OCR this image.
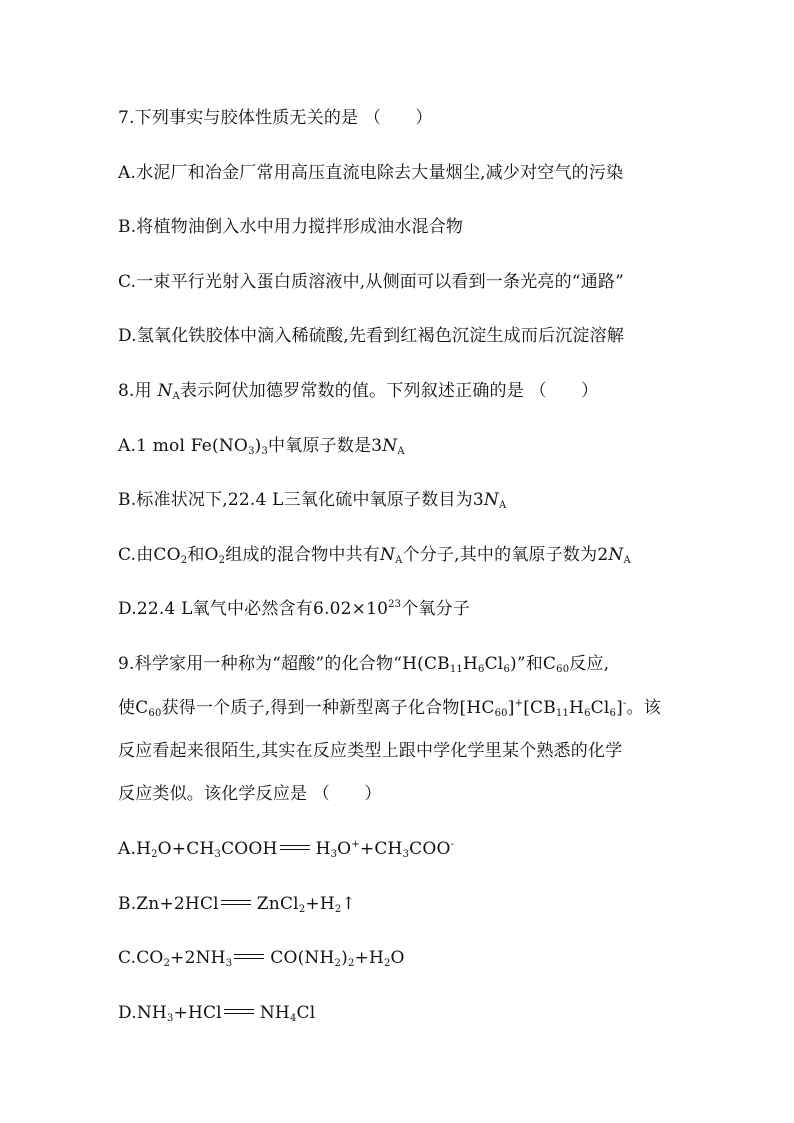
7.下列事实与胶体性质无关的是 （　　）
A.水泥厂和冶金厂常用高压直流电除去大量烟尘,减少对空气的污染
B.将植物油倒入水中用力搅拌形成油水混合物
C.一束平行光射入蛋白质溶液中,从侧面可以看到一条光亮的“通路”
D.氢氧化铁胶体中滴入稀硫酸,先看到红褐色沉淀生成而后沉淀溶解
8.用 $N_A$表示阿伏加德罗常数的值。下列叙述正确的是 （　　）
A.1 mol $Fe(NO_3)_3$中氧原子数是$3N_A$
B.标准状况下,22.4 L三氧化硫中氧原子数目为$3N_A$
C.由$CO_2$和$O_2$组成的混合物中共有$N_A$个分子,其中的氧原子数为$2N_A$
D.22.4 L氧气中必然含有$6.02\times 10^{23}$个氧分子
9.科学家用一种称为“超酸”的化合物“$H(CB_{11}H_6Cl_6)$”和$C_{60}$反应,
使$C_{60}$获得一个质子,得到一种新型离子化合物$[HC_{60}]^+[CB_{11}H_6Cl_6]^-$。该
反应看起来很陌生,其实在反应类型上跟中学化学里某个熟悉的化学
反应类似。该化学反应是 （　　）
$A.H_2O+CH_3COOH$ $H_3O^++CH_3COO^-$
B.Zn+2HCl $ZnCl_2+H_2↑$
$C.CO_2+2NH_3$ $CO(NH_2)_2+H_2O$
$D.NH_3+HCl$ $NH_4Cl$
